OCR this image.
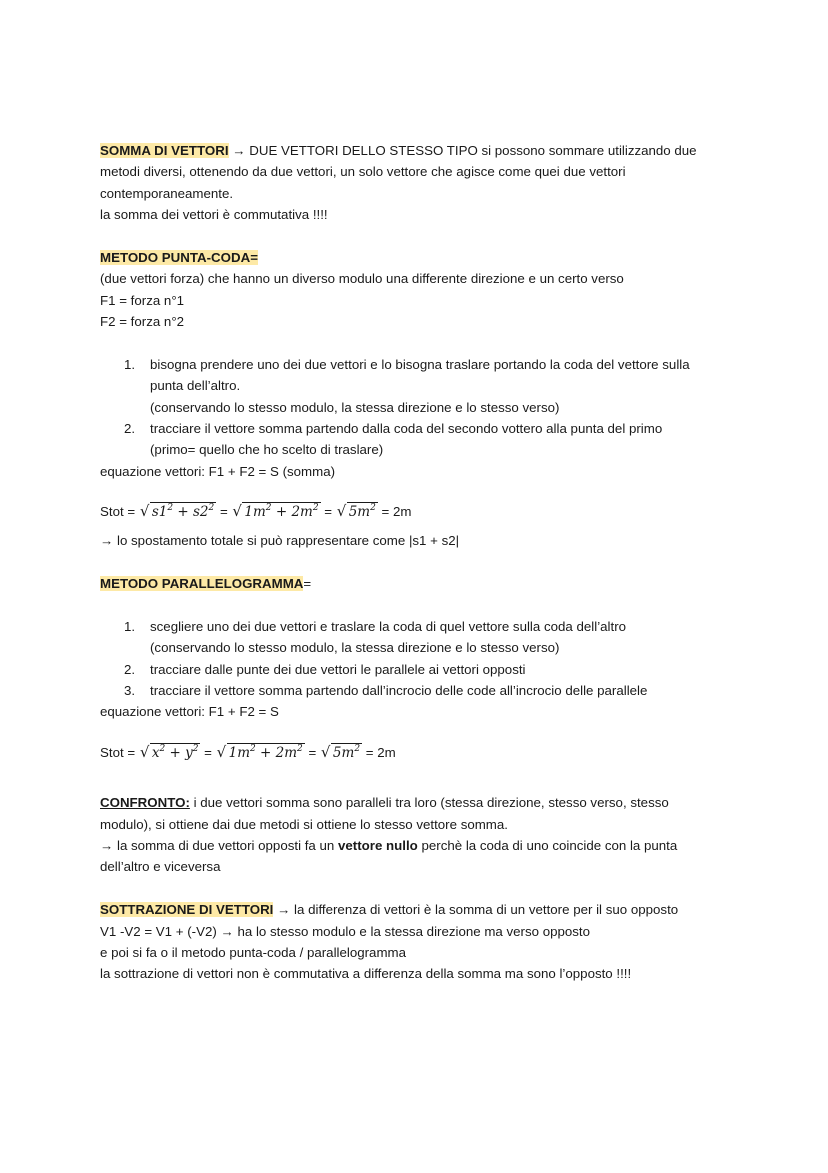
SOMMA DI VETTORI → DUE VETTORI DELLO STESSO TIPO si possono sommare utilizzando due
metodi diversi, ottenendo da due vettori, un solo vettore che agisce come quei due vettori
contemporaneamente.
la somma dei vettori è commutativa !!!!
METODO PUNTA-CODA=
(due vettori forza) che hanno un diverso modulo una differente direzione e un certo verso
F1 = forza n°1
F2 = forza n°2
1. bisogna prendere uno dei due vettori e lo bisogna traslare portando la coda del vettore sulla
punta dell’altro.
(conservando lo stesso modulo, la stessa direzione e lo stesso verso)
2. tracciare il vettore somma partendo dalla coda del secondo vottero alla punta del primo
(primo= quello che ho scelto di traslare)
equazione vettori: F1 + F2 = S (somma)
Stot = √ $s1^2 + s2^2$ = √ $1m^2 + 2m^2$ = √ $5m^2 = 2m$
→ lo spostamento totale si può rappresentare come |s1 + s2|
METODO PARALLELOGRAMMA=
1. scegliere uno dei due vettori e traslare la coda di quel vettore sulla coda dell’altro
(conservando lo stesso modulo, la stessa direzione e lo stesso verso)
2. tracciare dalle punte dei due vettori le parallele ai vettori opposti
3. tracciare il vettore somma partendo dall’incrocio delle code all’incrocio delle parallele
equazione vettori: F1 + F2 = S
Stot = √ $x^2 + y^2$ = √ $1m^2 + 2m^2$ = √ $5m^2 = 2m$
CONFRONTO: i due vettori somma sono paralleli tra loro (stessa direzione, stesso verso, stesso
modulo), si ottiene dai due metodi si ottiene lo stesso vettore somma.
→ la somma di due vettori opposti fa un vettore nullo perchè la coda di uno coincide con la punta
dell’altro e viceversa
SOTTRAZIONE DI VETTORI → la differenza di vettori è la somma di un vettore per il suo opposto
V1 -V2 = V1 + (-V2) → ha lo stesso modulo e la stessa direzione ma verso opposto
e poi si fa o il metodo punta-coda / parallelogramma
la sottrazione di vettori non è commutativa a differenza della somma ma sono l’opposto !!!!
